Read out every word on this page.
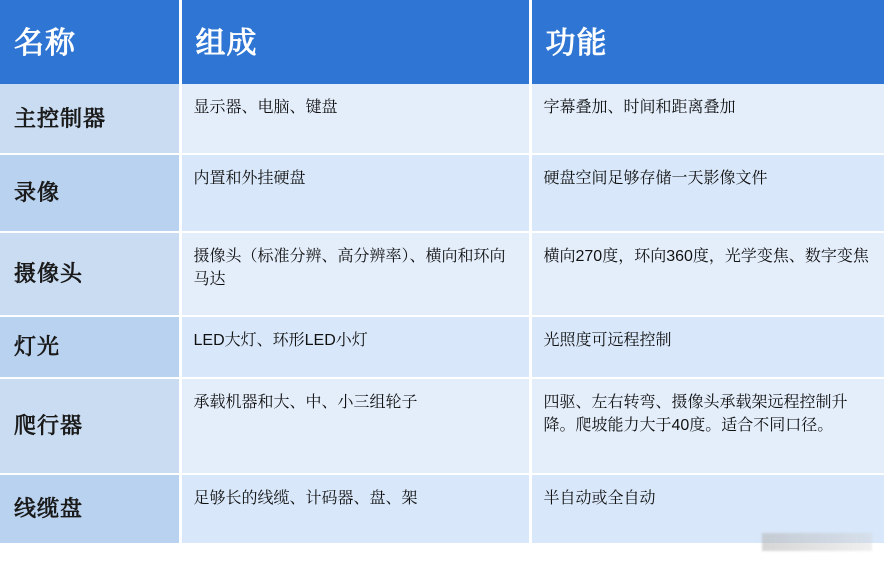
名称	组成	功能
主控制器	显示器、电脑、键盘	字幕叠加、时间和距离叠加
录像	内置和外挂硬盘	硬盘空间足够存储一天影像文件
摄像头	摄像头（标准分辨、高分辨率）、横向和环向马达	横向270度，环向360度，光学变焦、数字变焦
灯光	LED大灯、环形LED小灯	光照度可远程控制
爬行器	承载机器和大、中、小三组轮子	四驱、左右转弯、摄像头承载架远程控制升降。爬坡能力大于40度。适合不同口径。
线缆盘	足够长的线缆、计码器、盘、架	半自动或全自动
